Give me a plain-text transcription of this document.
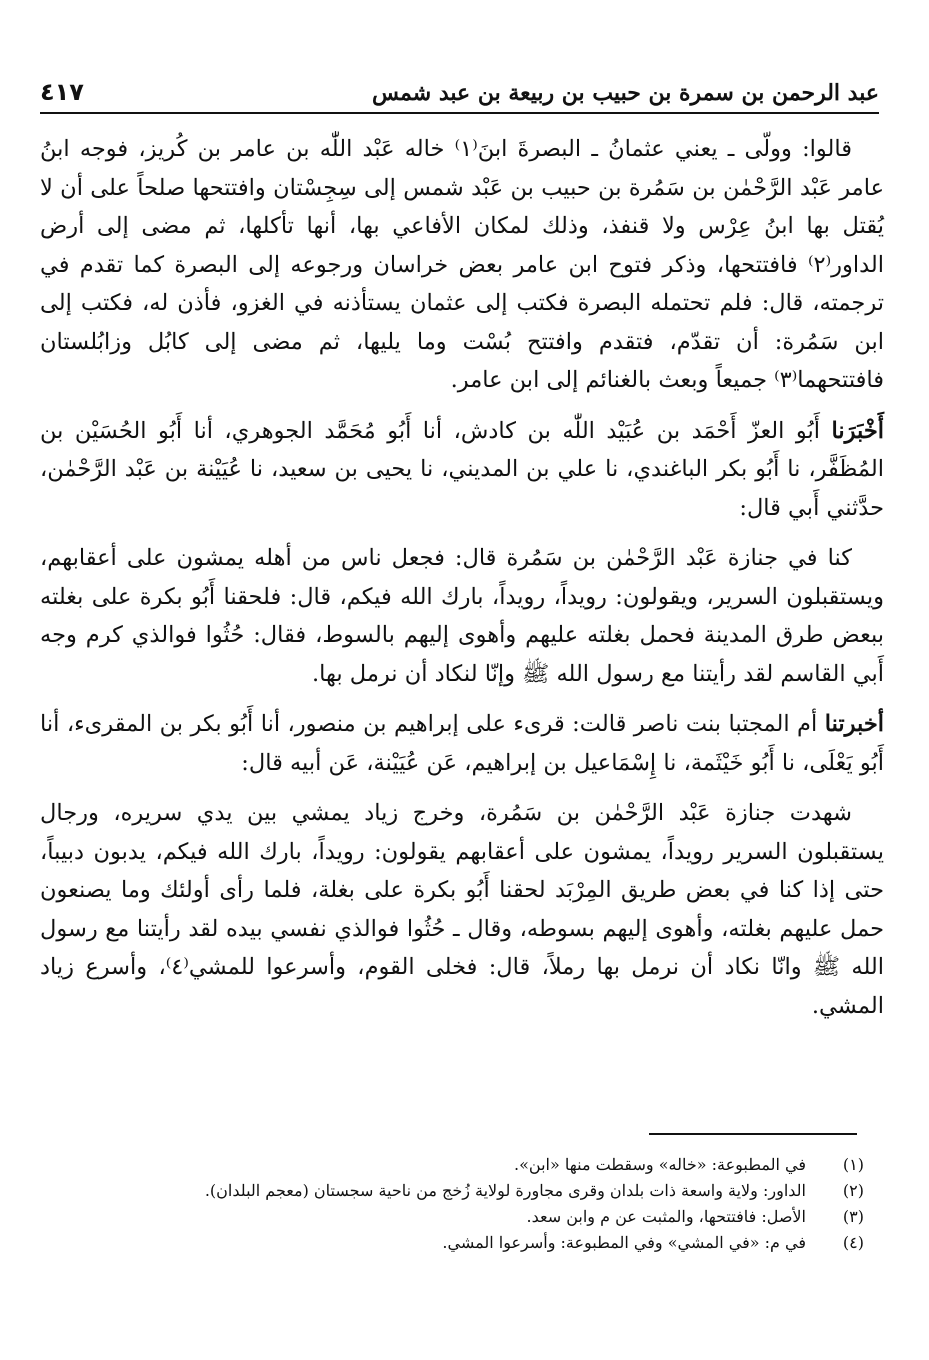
عبد الرحمن بن سمرة بن حبيب بن ربيعة بن عبد شمس
٤١٧

قالوا: وولّى ـ يعني عثمانُ ـ البصرةَ ابنَ⁽١⁾ خاله عَبْد اللّٰه بن عامر بن كُريز، فوجه ابنُ عامر عَبْد الرَّحْمٰن بن سَمُرة بن حبيب بن عَبْد شمس إلى سِجِسْتان وافتتحها صلحاً على أن لا يُقتل بها ابنُ عِرْس ولا قنفذ، وذلك لمكان الأفاعي بها، أنها تأكلها، ثم مضى إلى أرض الداور⁽٢⁾ فافتتحها، وذكر فتوح ابن عامر بعض خراسان ورجوعه إلى البصرة كما تقدم في ترجمته، قال: فلم تحتمله البصرة فكتب إلى عثمان يستأذنه في الغزو، فأذن له، فكتب إلى ابن سَمُرة: أن تقدّم، فتقدم وافتتح بُسْت وما يليها، ثم مضى إلى كابُل وزابُلستان فافتتحهما⁽٣⁾ جميعاً وبعث بالغنائم إلى ابن عامر.

أَخْبَرَنا أَبُو العزّ أَحْمَد بن عُبَيْد اللّٰه بن كادش، أنا أَبُو مُحَمَّد الجوهري، أنا أَبُو الحُسَيْن بن المُظَفَّر، نا أَبُو بكر الباغندي، نا علي بن المديني، نا يحيى بن سعيد، نا عُيَيْنة بن عَبْد الرَّحْمٰن، حدَّثني أَبي قال:

كنا في جنازة عَبْد الرَّحْمٰن بن سَمُرة قال: فجعل ناس من أهله يمشون على أعقابهم، ويستقبلون السرير، ويقولون: رويداً، رويداً، بارك الله فيكم، قال: فلحقنا أَبُو بكرة على بغلته ببعض طرق المدينة فحمل بغلته عليهم وأهوى إليهم بالسوط، فقال: حُثُوا فوالذي كرم وجه أَبي القاسم لقد رأيتنا مع رسول الله ﷺ وإنّا لنكاد أن نرمل بها.

أخبرتنا أم المجتبا بنت ناصر قالت: قرىء على إبراهيم بن منصور، أنا أَبُو بكر بن المقرىء، أنا أَبُو يَعْلَى، نا أَبُو خَيْثَمة، نا إِسْمَاعيل بن إبراهيم، عَن عُيَيْنة، عَن أبيه قال:

شهدت جنازة عَبْد الرَّحْمٰن بن سَمُرة، وخرج زياد يمشي بين يدي سريره، ورجال يستقبلون السرير رويداً، يمشون على أعقابهم يقولون: رويداً، بارك الله فيكم، يدبون دبيباً، حتى إذا كنا في بعض طريق المِرْبَد لحقنا أَبُو بكرة على بغلة، فلما رأى أولئك وما يصنعون حمل عليهم بغلته، وأهوى إليهم بسوطه، وقال ـ حُثُوا فوالذي نفسي بيده لقد رأيتنا مع رسول الله ﷺ وانّا نكاد أن نرمل بها رملاً، قال: فخلى القوم، وأسرعوا للمشي⁽٤⁾، وأسرع زياد المشي.

(١)
في المطبوعة: «خاله» وسقطت منها «ابن».
(٢)
الداور: ولاية واسعة ذات بلدان وقرى مجاورة لولاية زُخج من ناحية سجستان (معجم البلدان).
(٣)
الأصل: فافتتحها، والمثبت عن م وابن سعد.
(٤)
في م: «في المشي» وفي المطبوعة: وأسرعوا المشي.
